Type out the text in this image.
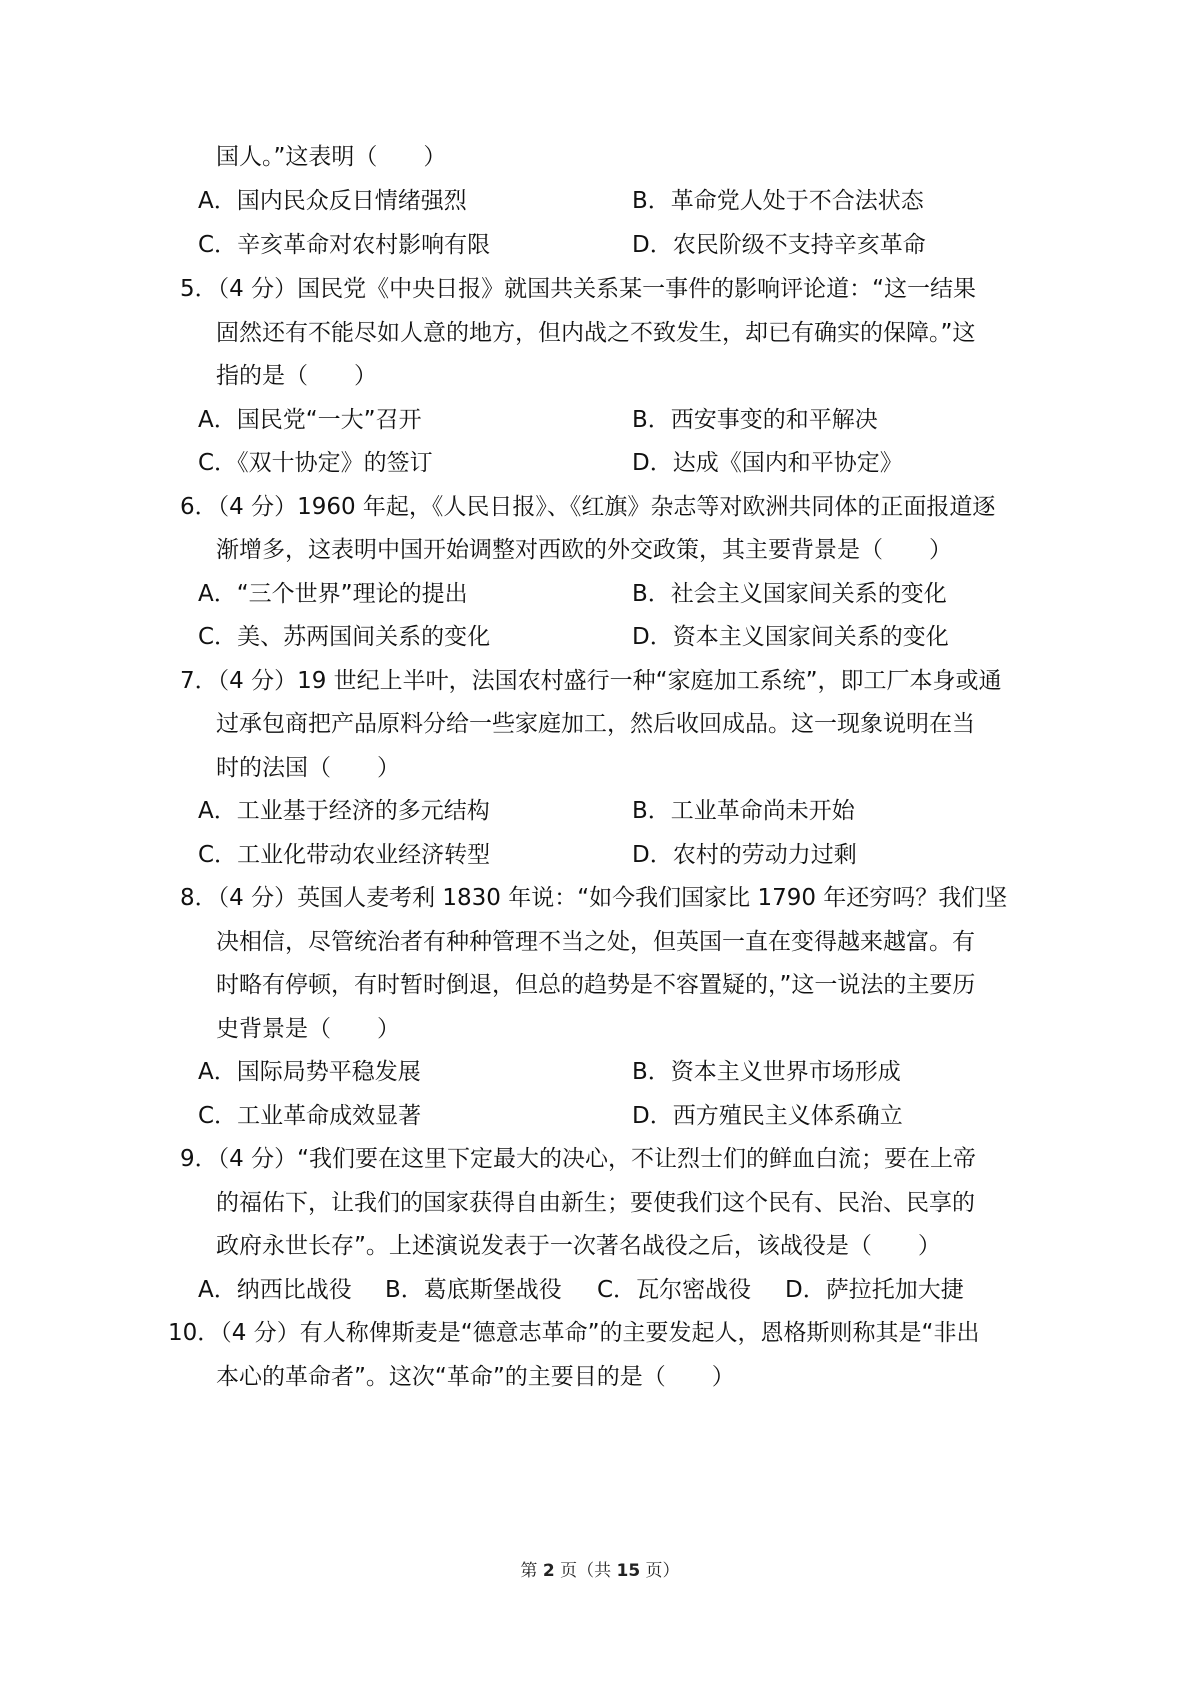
国人。”这表明（　　）
A．国内民众反日情绪强烈	B．革命党人处于不合法状态
C．辛亥革命对农村影响有限	D．农民阶级不支持辛亥革命
5．（4 分）国民党《中央日报》就国共关系某一事件的影响评论道：“这一结果
固然还有不能尽如人意的地方，但内战之不致发生，却已有确实的保障。”这
指的是（　　）
A．国民党“一大”召开	B．西安事变的和平解决
C．《双十协定》的签订	D．达成《国内和平协定》
6．（4 分）1960 年起，《人民日报》、《红旗》杂志等对欧洲共同体的正面报道逐
渐增多，这表明中国开始调整对西欧的外交政策，其主要背景是（　　）
A．“三个世界”理论的提出	B．社会主义国家间关系的变化
C．美、苏两国间关系的变化	D．资本主义国家间关系的变化
7．（4 分）19 世纪上半叶，法国农村盛行一种“家庭加工系统”，即工厂本身或通
过承包商把产品原料分给一些家庭加工，然后收回成品。这一现象说明在当
时的法国（　　）
A．工业基于经济的多元结构	B．工业革命尚未开始
C．工业化带动农业经济转型	D．农村的劳动力过剩
8．（4 分）英国人麦考利 1830 年说：“如今我们国家比 1790 年还穷吗？我们坚
决相信，尽管统治者有种种管理不当之处，但英国一直在变得越来越富。有
时略有停顿，有时暂时倒退，但总的趋势是不容置疑的，”这一说法的主要历
史背景是（　　）
A．国际局势平稳发展	B．资本主义世界市场形成
C．工业革命成效显著	D．西方殖民主义体系确立
9．（4 分）“我们要在这里下定最大的决心，不让烈士们的鲜血白流；要在上帝
的福佑下，让我们的国家获得自由新生；要使我们这个民有、民治、民享的
政府永世长存”。上述演说发表于一次著名战役之后，该战役是（　　）
A．纳西比战役 B．葛底斯堡战役 C．瓦尔密战役 D．萨拉托加大捷
10．（4 分）有人称俾斯麦是“德意志革命”的主要发起人，恩格斯则称其是“非出
本心的革命者”。这次“革命”的主要目的是（　　）
第 2 页（共 15 页）
